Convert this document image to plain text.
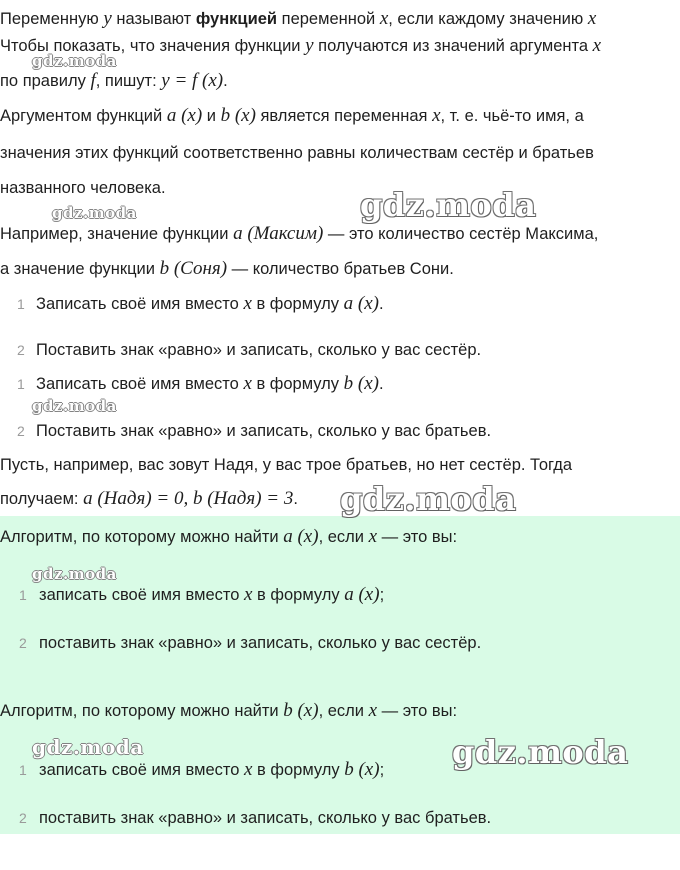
Переменную y называют функцией переменной x, если каждому значению x
Чтобы показать, что значения функции y получаются из значений аргумента x
по правилу f, пишут: y = f (x).
Аргументом функций a (x) и b (x) является переменная x, т. е. чьё-то имя, а
значения этих функций соответственно равны количествам сестёр и братьев
названного человека.
Например, значение функции a (Максим) — это количество сестёр Максима,
а значение функции b (Соня) — количество братьев Сони.
1 Записать своё имя вместо x в формулу a (x).
2 Поставить знак «равно» и записать, сколько у вас сестёр.
1 Записать своё имя вместо x в формулу b (x).
2 Поставить знак «равно» и записать, сколько у вас братьев.
Пусть, например, вас зовут Надя, у вас трое братьев, но нет сестёр. Тогда
получаем: a (Надя) = 0, b (Надя) = 3.
Алгоритм, по которому можно найти a (x), если x — это вы:
1 записать своё имя вместо x в формулу a (x);
2 поставить знак «равно» и записать, сколько у вас сестёр.
Алгоритм, по которому можно найти b (x), если x — это вы:
1 записать своё имя вместо x в формулу b (x);
2 поставить знак «равно» и записать, сколько у вас братьев.
gdz.moda
gdz.moda
gdz.moda
gdz.moda
gdz.moda
gdz.moda
gdz.moda	gdz.moda
